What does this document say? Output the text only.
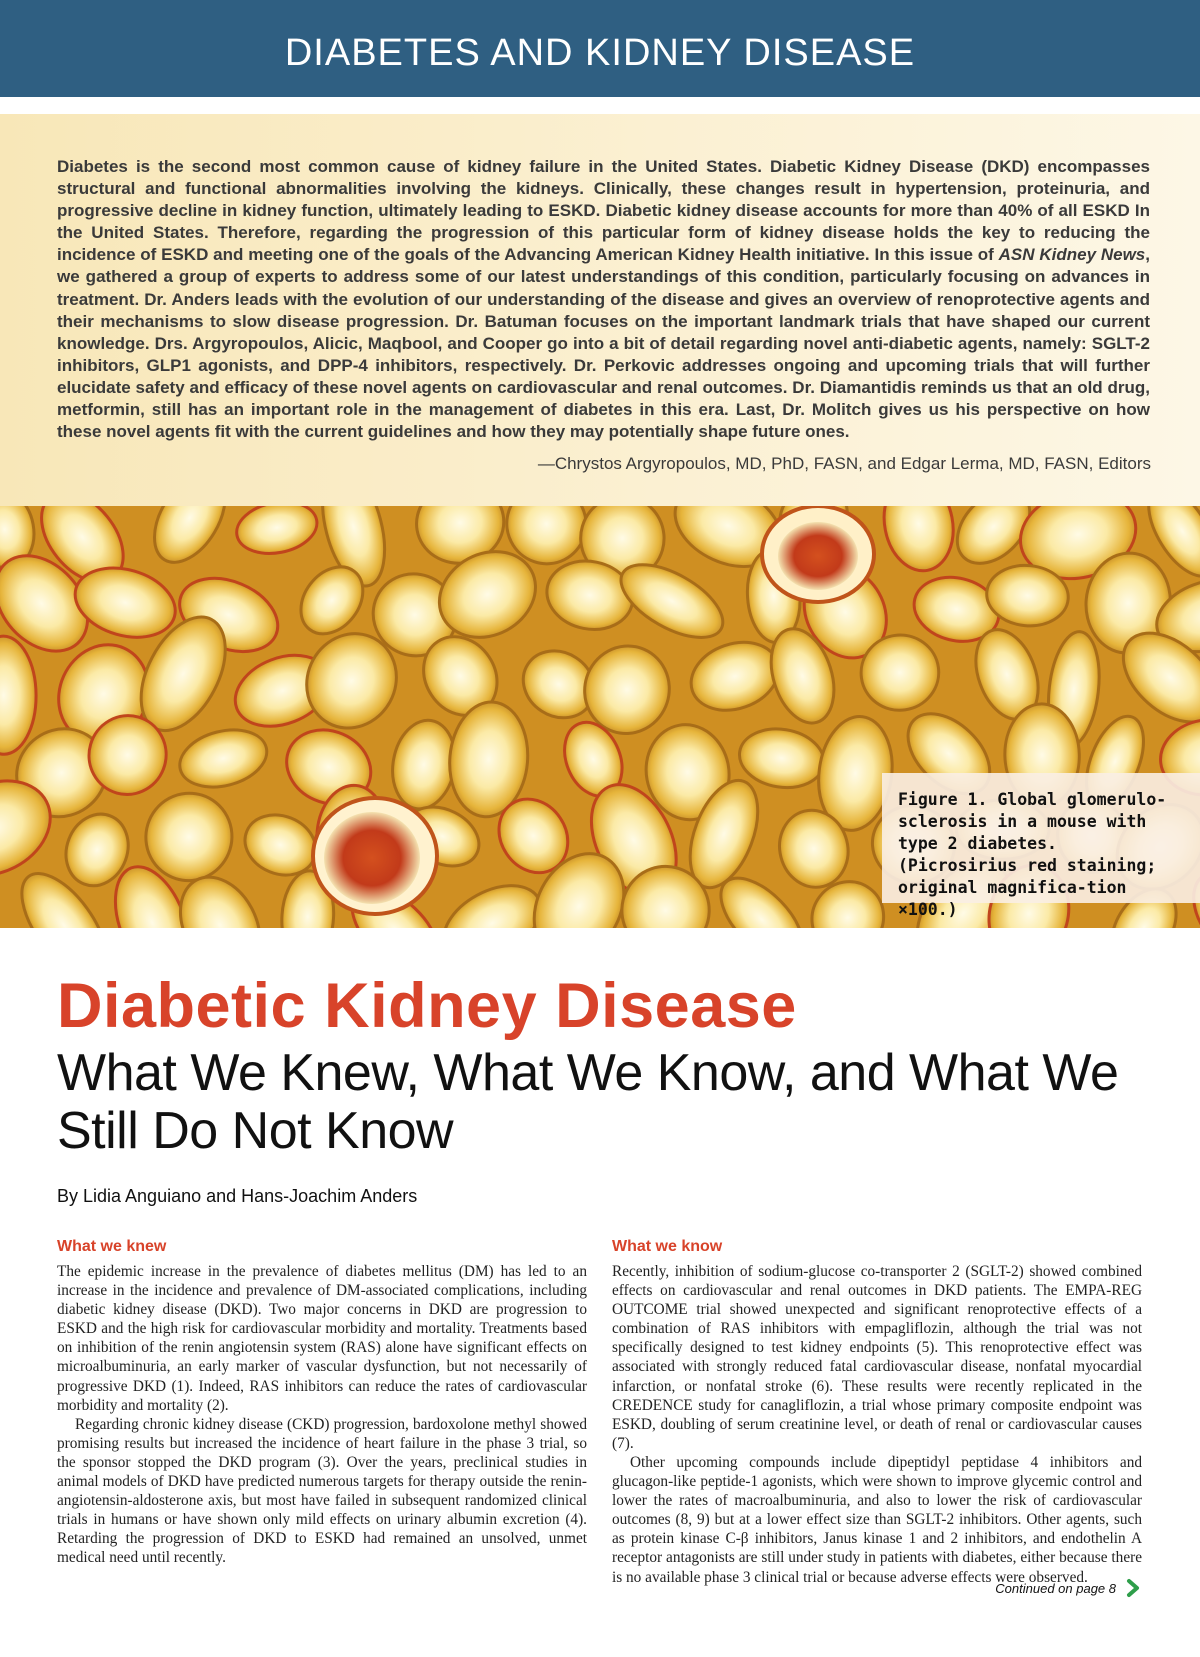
DIABETES AND KIDNEY DISEASE

Diabetes is the second most common cause of kidney failure in the United States. Diabetic Kidney Disease (DKD) encompasses structural and functional abnormalities involving the kidneys. Clinically, these changes result in hypertension, proteinuria, and progressive decline in kidney function, ultimately leading to ESKD. Diabetic kidney disease accounts for more than 40% of all ESKD In the United States. Therefore, regarding the progression of this particular form of kidney disease holds the key to reducing the incidence of ESKD and meeting one of the goals of the Advancing American Kidney Health initiative. In this issue of ASN Kidney News, we gathered a group of experts to address some of our latest understandings of this condition, particularly focusing on advances in treatment. Dr. Anders leads with the evolution of our understanding of the disease and gives an overview of renoprotective agents and their mechanisms to slow disease progression. Dr. Batuman focuses on the important landmark trials that have shaped our current knowledge. Drs. Argyropoulos, Alicic, Maqbool, and Cooper go into a bit of detail regarding novel anti-diabetic agents, namely: SGLT-2 inhibitors, GLP1 agonists, and DPP-4 inhibitors, respectively. Dr. Perkovic addresses ongoing and upcoming trials that will further elucidate safety and efficacy of these novel agents on cardiovascular and renal outcomes. Dr. Diamantidis reminds us that an old drug, metformin, still has an important role in the management of diabetes in this era. Last, Dr. Molitch gives us his perspective on how these novel agents fit with the current guidelines and how they may potentially shape future ones.

—Chrystos Argyropoulos, MD, PhD, FASN, and Edgar Lerma, MD, FASN, Editors

Figure 1. Global glomerulo-sclerosis in a mouse with type 2 diabetes. (Picrosirius red staining; original magnifica-tion ×100.)

Diabetic Kidney Disease
What We Knew, What We Know, and What We Still Do Not Know

By Lidia Anguiano and Hans-Joachim Anders

What we knew

The epidemic increase in the prevalence of diabetes mellitus (DM) has led to an increase in the incidence and prevalence of DM-associated complications, including diabetic kidney disease (DKD). Two major concerns in DKD are progression to ESKD and the high risk for cardiovascular morbidity and mortality. Treatments based on inhibition of the renin angiotensin system (RAS) alone have significant effects on microalbuminuria, an early marker of vascular dysfunction, but not necessarily of progressive DKD (1). Indeed, RAS inhibitors can reduce the rates of cardiovascular morbidity and mortality (2).

Regarding chronic kidney disease (CKD) progression, bardoxolone methyl showed promising results but increased the incidence of heart failure in the phase 3 trial, so the sponsor stopped the DKD program (3). Over the years, preclinical studies in animal models of DKD have predicted numerous targets for therapy outside the renin-angiotensin-aldosterone axis, but most have failed in subsequent randomized clinical trials in humans or have shown only mild effects on urinary albumin excretion (4). Retarding the progression of DKD to ESKD had remained an unsolved, unmet medical need until recently.

What we know

Recently, inhibition of sodium-glucose co-transporter 2 (SGLT-2) showed combined effects on cardiovascular and renal outcomes in DKD patients. The EMPA-REG OUTCOME trial showed unexpected and significant renoprotective effects of a combination of RAS inhibitors with empagliflozin, although the trial was not specifically designed to test kidney endpoints (5). This renoprotective effect was associated with strongly reduced fatal cardiovascular disease, nonfatal myocardial infarction, or nonfatal stroke (6). These results were recently replicated in the CREDENCE study for canagliflozin, a trial whose primary composite endpoint was ESKD, doubling of serum creatinine level, or death of renal or cardiovascular causes (7).

Other upcoming compounds include dipeptidyl peptidase 4 inhibitors and glucagon-like peptide-1 agonists, which were shown to improve glycemic control and lower the rates of macroalbuminuria, and also to lower the risk of cardiovascular outcomes (8, 9) but at a lower effect size than SGLT-2 inhibitors. Other agents, such as protein kinase C-β inhibitors, Janus kinase 1 and 2 inhibitors, and endothelin A receptor antagonists are still under study in patients with diabetes, either because there is no available phase 3 clinical trial or because adverse effects were observed.

Continued on page 8
